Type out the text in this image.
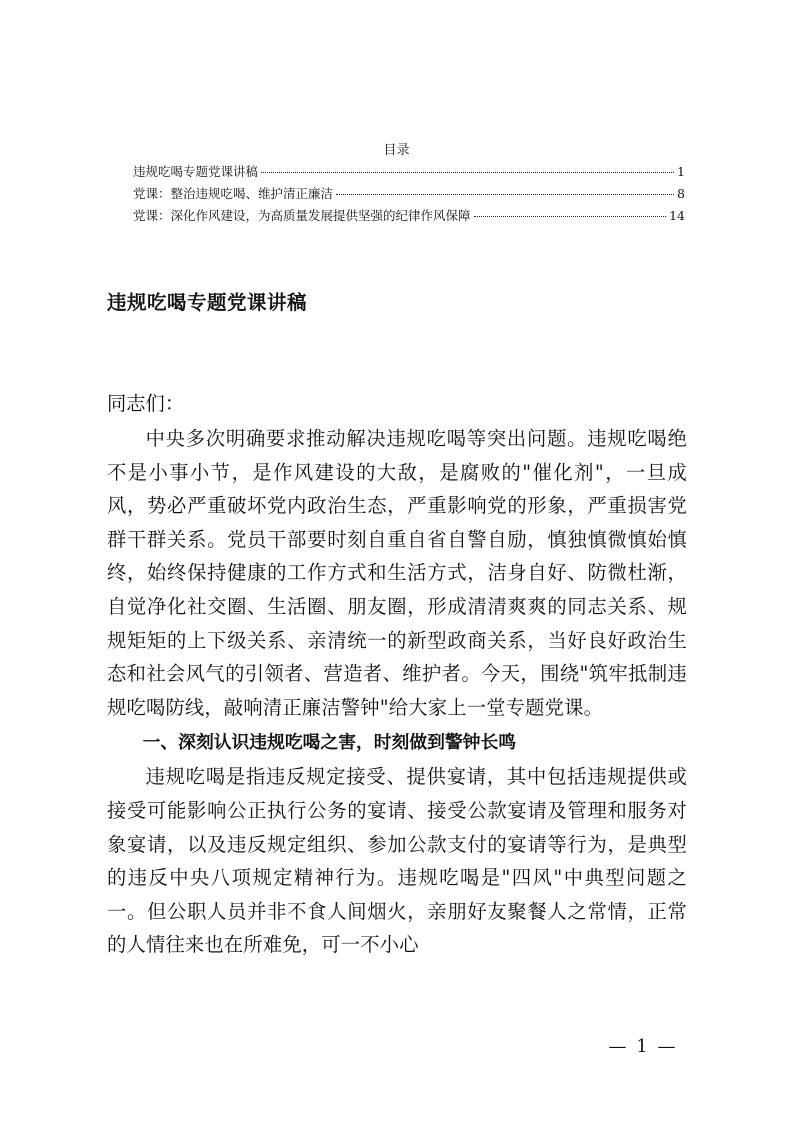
目录
违规吃喝专题党课讲稿	1
党课：整治违规吃喝、维护清正廉洁	8
党课：深化作风建设，为高质量发展提供坚强的纪律作风保障	14
违规吃喝专题党课讲稿
同志们：

中央多次明确要求推动解决违规吃喝等突出问题。违规吃喝绝不是小事小节，是作风建设的大敌，是腐败的"催化剂"，一旦成风，势必严重破坏党内政治生态，严重影响党的形象，严重损害党群干群关系。党员干部要时刻自重自省自警自励，慎独慎微慎始慎终，始终保持健康的工作方式和生活方式，洁身自好、防微杜渐，自觉净化社交圈、生活圈、朋友圈，形成清清爽爽的同志关系、规规矩矩的上下级关系、亲清统一的新型政商关系，当好良好政治生态和社会风气的引领者、营造者、维护者。今天，围绕"筑牢抵制违规吃喝防线，敲响清正廉洁警钟"给大家上一堂专题党课。

一、深刻认识违规吃喝之害，时刻做到警钟长鸣

违规吃喝是指违反规定接受、提供宴请，其中包括违规提供或接受可能影响公正执行公务的宴请、接受公款宴请及管理和服务对象宴请，以及违反规定组织、参加公款支付的宴请等行为，是典型的违反中央八项规定精神行为。违规吃喝是"四风"中典型问题之一。但公职人员并非不食人间烟火，亲朋好友聚餐人之常情，正常的人情往来也在所难免，可一不小心

— 1 —
